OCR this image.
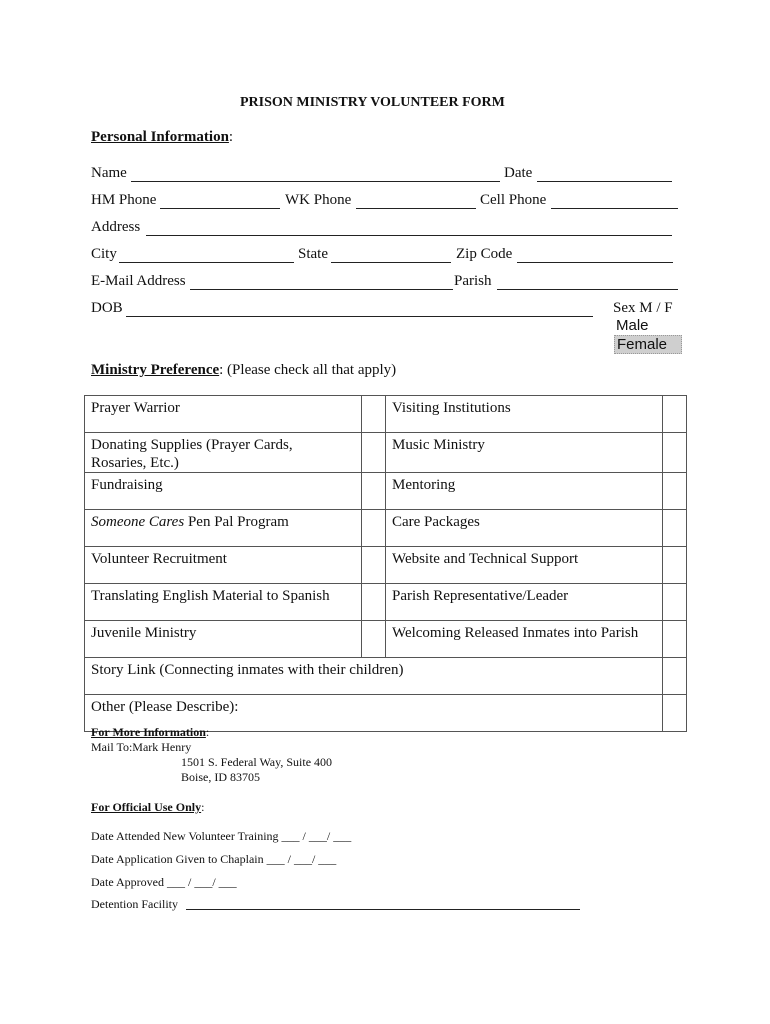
PRISON MINISTRY VOLUNTEER FORM
Personal Information:
Name	Date
HM Phone	WK Phone	Cell Phone
Address
City	State	Zip Code
E-Mail Address	Parish
DOB	Sex M / F
Male
Female
Ministry Preference: (Please check all that apply)
Prayer Warrior		Visiting Institutions	
Donating Supplies (Prayer Cards,
Rosaries, Etc.)		Music Ministry	
Fundraising		Mentoring	
Someone Cares Pen Pal Program		Care Packages	
Volunteer Recruitment		Website and Technical Support	
Translating English Material to Spanish		Parish Representative/Leader	
Juvenile Ministry		Welcoming Released Inmates into Parish	
Story Link (Connecting inmates with their children)			
Other (Please Describe):			
For More Information:
Mail To:Mark Henry
1501 S. Federal Way, Suite 400
Boise, ID 83705
For Official Use Only:
Date Attended New Volunteer Training ___ / ___/ ___
Date Application Given to Chaplain ___ / ___/ ___
Date Approved ___ / ___/ ___
Detention Facility
